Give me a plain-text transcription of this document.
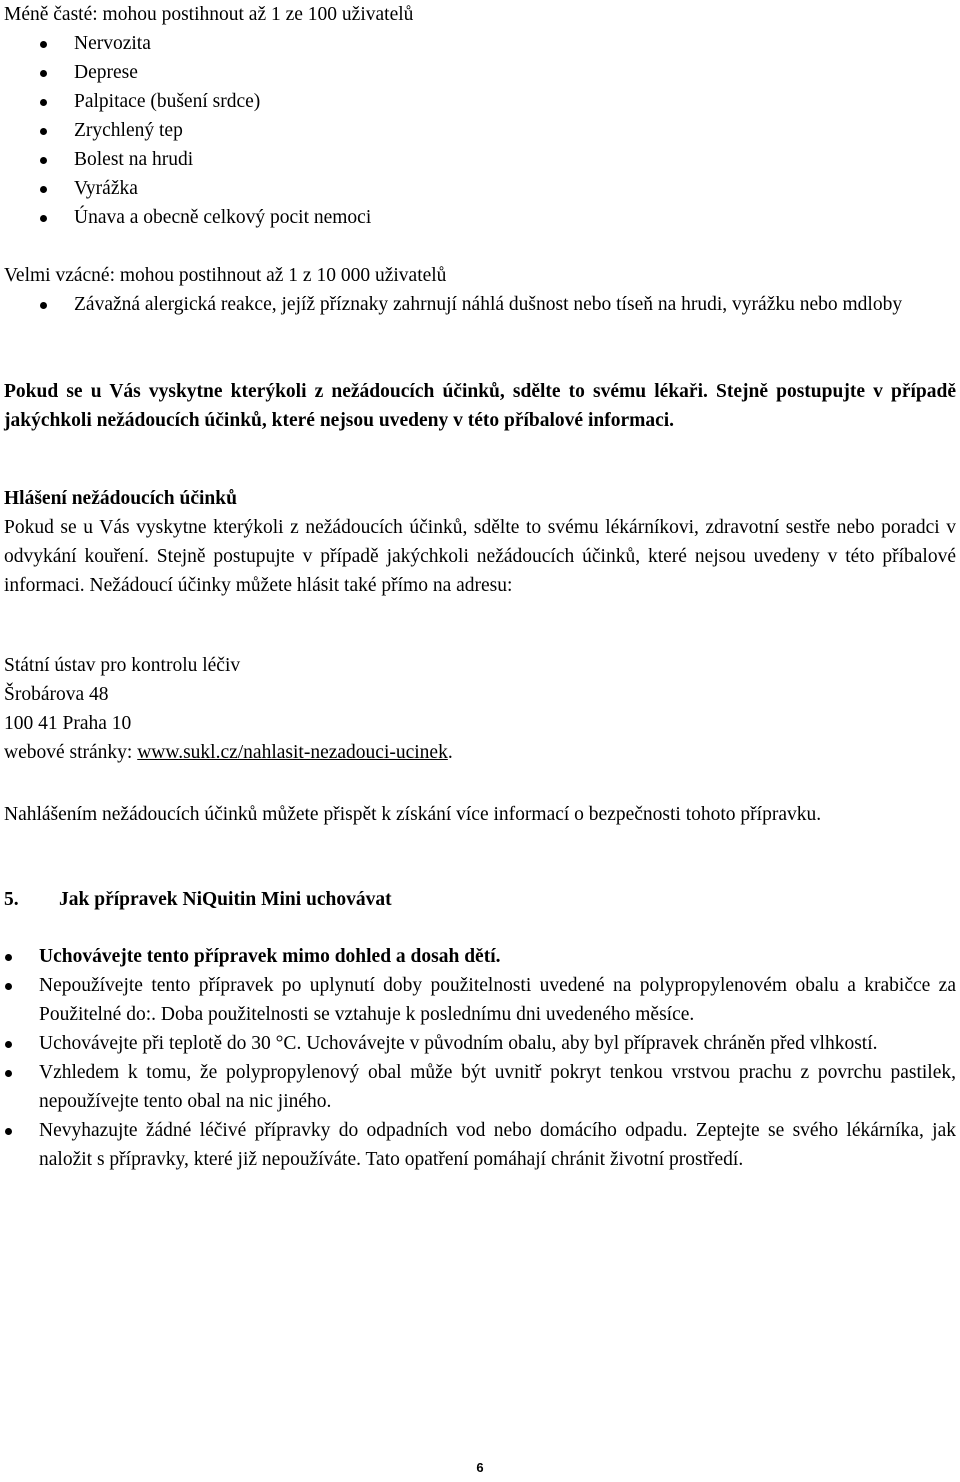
Méně časté: mohou postihnout až 1 ze 100 uživatelů

Nervozita
Deprese
Palpitace (bušení srdce)
Zrychlený tep
Bolest na hrudi
Vyrážka
Únava a obecně celkový pocit nemoci

Velmi vzácné: mohou postihnout až 1 z 10 000 uživatelů

Závažná alergická reakce, jejíž příznaky zahrnují náhlá dušnost nebo tíseň na hrudi, vyrážku nebo mdloby

Pokud se u Vás vyskytne kterýkoli z nežádoucích účinků, sdělte to svému lékaři. Stejně postupujte v případě jakýchkoli nežádoucích účinků, které nejsou uvedeny v této příbalové informaci.

Hlášení nežádoucích účinků

Pokud se u Vás vyskytne kterýkoli z nežádoucích účinků, sdělte to svému lékárníkovi, zdravotní sestře nebo poradci v odvykání kouření. Stejně postupujte v případě jakýchkoli nežádoucích účinků, které nejsou uvedeny v této příbalové informaci. Nežádoucí účinky můžete hlásit také přímo na adresu:

Státní ústav pro kontrolu léčiv

Šrobárova 48

100 41 Praha 10

webové stránky: www.sukl.cz/nahlasit-nezadouci-ucinek.

Nahlášením nežádoucích účinků můžete přispět k získání více informací o bezpečnosti tohoto přípravku.

5. Jak přípravek NiQuitin Mini uchovávat

Uchovávejte tento přípravek mimo dohled a dosah dětí.
Nepoužívejte tento přípravek po uplynutí doby použitelnosti uvedené na polypropylenovém obalu a krabičce za Použitelné do:. Doba použitelnosti se vztahuje k poslednímu dni uvedeného měsíce.
Uchovávejte při teplotě do 30 °C. Uchovávejte v původním obalu, aby byl přípravek chráněn před vlhkostí.
Vzhledem k tomu, že polypropylenový obal může být uvnitř pokryt tenkou vrstvou prachu z povrchu pastilek, nepoužívejte tento obal na nic jiného.
Nevyhazujte žádné léčivé přípravky do odpadních vod nebo domácího odpadu. Zeptejte se svého lékárníka, jak naložit s přípravky, které již nepoužíváte. Tato opatření pomáhají chránit životní prostředí.
6
